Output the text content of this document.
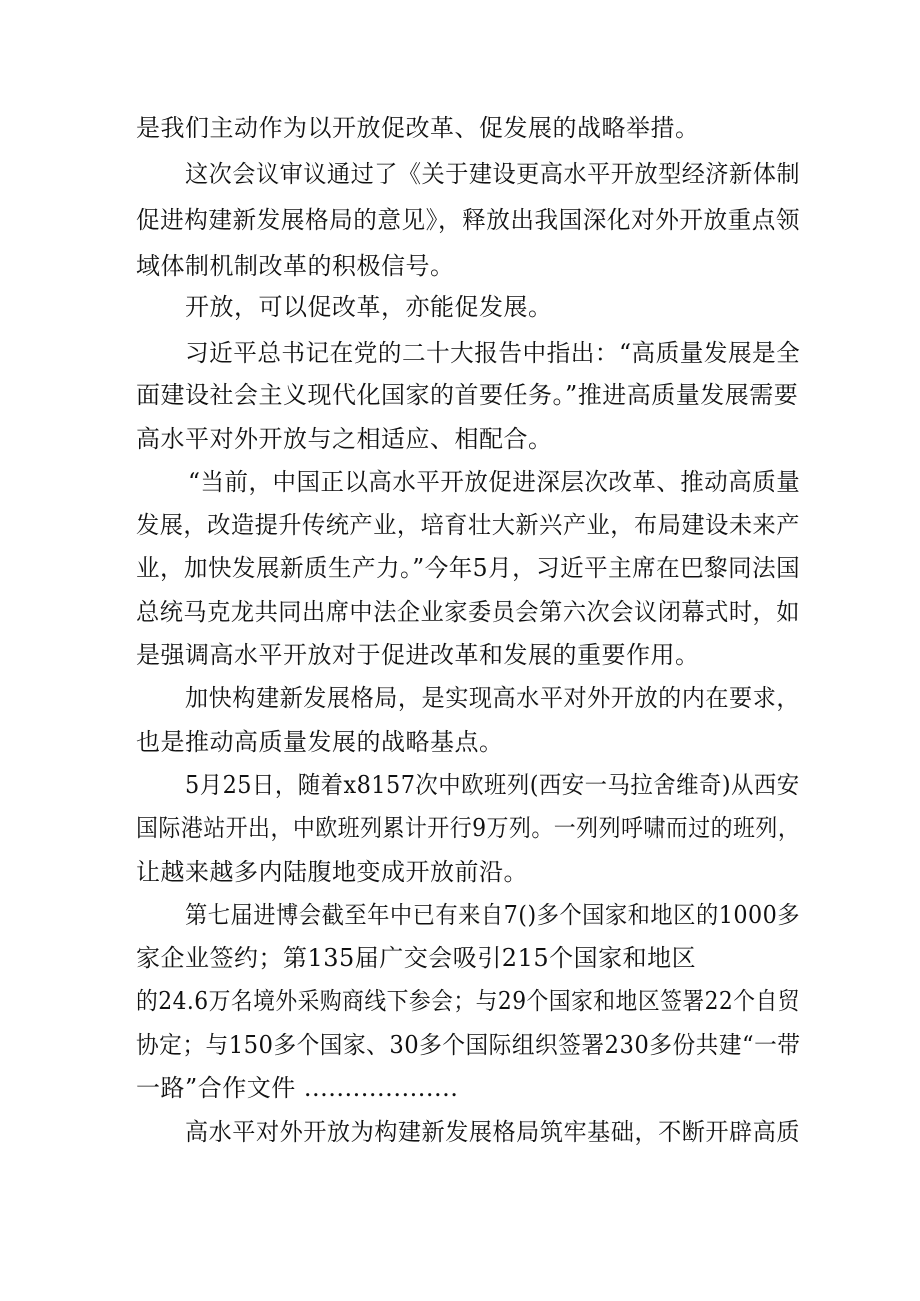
是我们主动作为以开放促改革、促发展的战略举措。
这次会议审议通过了《关于建设更高水平开放型经济新体制
促进构建新发展格局的意见》，释放出我国深化对外开放重点领
域体制机制改革的积极信号。
开放，可以促改革，亦能促发展。
习近平总书记在党的二十大报告中指出：“高质量发展是全
面建设社会主义现代化国家的首要任务。”推进高质量发展需要
高水平对外开放与之相适应、相配合。
“当前，中国正以高水平开放促进深层次改革、推动高质量
发展，改造提升传统产业，培育壮大新兴产业，布局建设未来产
业，加快发展新质生产力。”今年5月，习近平主席在巴黎同法国
总统马克龙共同出席中法企业家委员会第六次会议闭幕式时，如
是强调高水平开放对于促进改革和发展的重要作用。
加快构建新发展格局，是实现高水平对外开放的内在要求，
也是推动高质量发展的战略基点。
5月25日，随着x8157次中欧班列(西安一马拉舍维奇)从西安
国际港站开出，中欧班列累计开行9万列。一列列呼啸而过的班列，
让越来越多内陆腹地变成开放前沿。
第七届进博会截至年中已有来自7()多个国家和地区的1000多
家企业签约；第135届广交会吸引215个国家和地区
的24.6万名境外采购商线下参会；与29个国家和地区签署22个自贸
协定；与150多个国家、30多个国际组织签署230多份共建“一带
一路”合作文件 ...................
高水平对外开放为构建新发展格局筑牢基础，不断开辟高质
